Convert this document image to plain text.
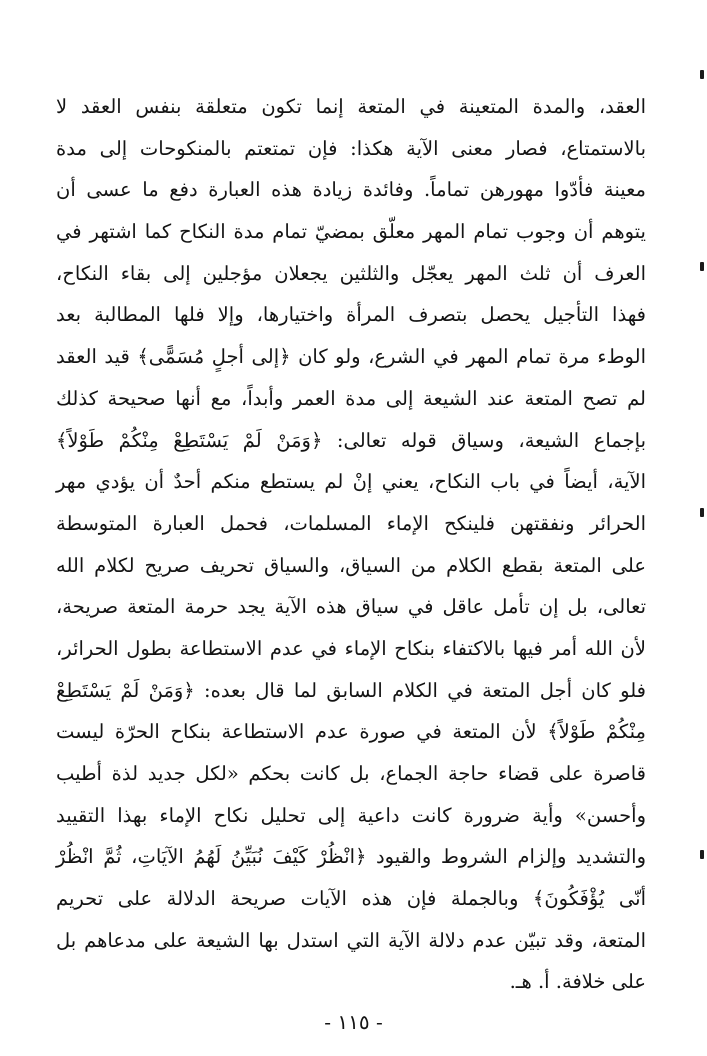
العقد، والمدة المتعينة في المتعة إنما تكون متعلقة بنفس العقد لا
بالاستمتاع، فصار معنى الآية هكذا: فإن تمتعتم بالمنكوحات إلى مدة
معينة فأدّوا مهورهن تماماً. وفائدة زيادة هذه العبارة دفع ما عسى أن
يتوهم أن وجوب تمام المهر معلّق بمضيّ تمام مدة النكاح كما اشتهر في
العرف أن ثلث المهر يعجّل والثلثين يجعلان مؤجلين إلى بقاء النكاح،
فهذا التأجيل يحصل بتصرف المرأة واختيارها، وإلا فلها المطالبة بعد
الوطء مرة تمام المهر في الشرع، ولو كان ﴿إلى أجلٍ مُسَمًّى﴾ قيد العقد
لم تصح المتعة عند الشيعة إلى مدة العمر وأبداً، مع أنها صحيحة كذلك
بإجماع الشيعة، وسياق قوله تعالى: ﴿وَمَنْ لَمْ يَسْتَطِعْ مِنْكُمْ طَوْلاً﴾
الآية، أيضاً في باب النكاح، يعني إنْ لم يستطع منكم أحدٌ أن يؤدي مهر
الحرائر ونفقتهن فلينكح الإماء المسلمات، فحمل العبارة المتوسطة
على المتعة بقطع الكلام من السياق، والسياق تحريف صريح لكلام الله
تعالى، بل إن تأمل عاقل في سياق هذه الآية يجد حرمة المتعة صريحة،
لأن الله أمر فيها بالاكتفاء بنكاح الإماء في عدم الاستطاعة بطول الحرائر،
فلو كان أجل المتعة في الكلام السابق لما قال بعده: ﴿وَمَنْ لَمْ يَسْتَطِعْ
مِنْكُمْ طَوْلاً﴾ لأن المتعة في صورة عدم الاستطاعة بنكاح الحرّة ليست
قاصرة على قضاء حاجة الجماع، بل كانت بحكم «لكل جديد لذة أطيب
وأحسن» وأية ضرورة كانت داعية إلى تحليل نكاح الإماء بهذا التقييد
والتشديد وإلزام الشروط والقيود ﴿انْظُرْ كَيْفَ نُبَيِّنُ لَهُمُ الآيَاتِ، ثُمَّ انْظُرْ
أنّى يُؤْفَكُونَ﴾ وبالجملة فإن هذه الآيات صريحة الدلالة على تحريم
المتعة، وقد تبيّن عدم دلالة الآية التي استدل بها الشيعة على مدعاهم بل
على خلافة. أ. هـ.
- ١١٥ -
